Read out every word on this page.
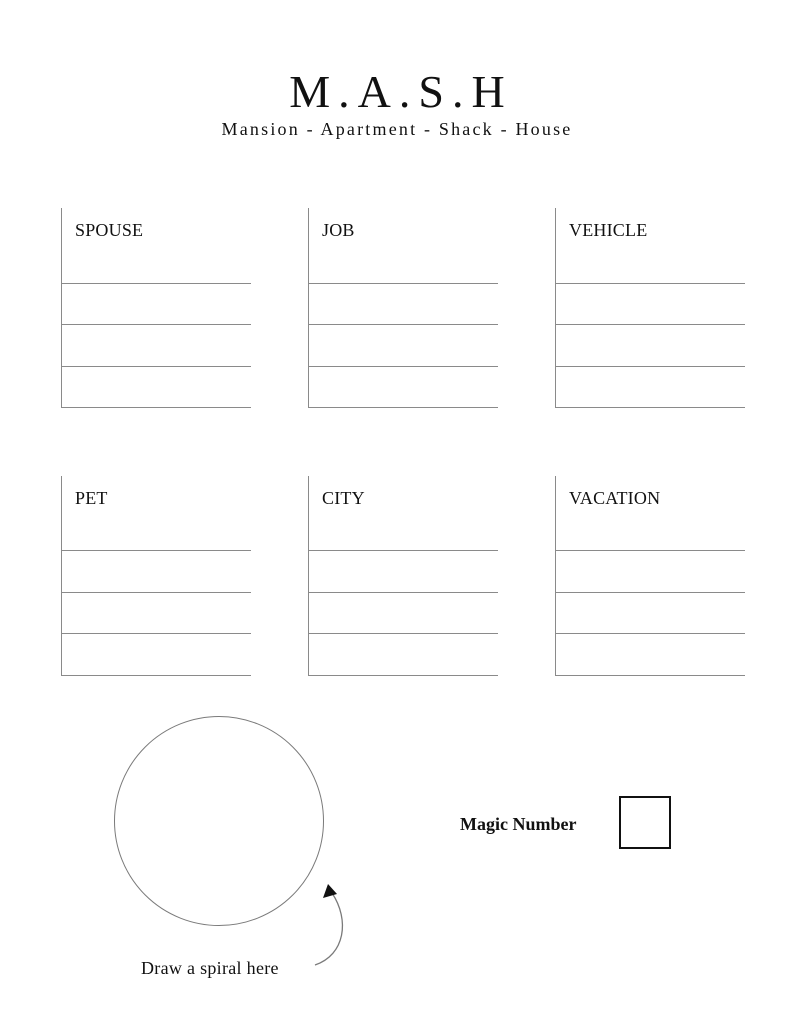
M.A.S.H
Mansion - Apartment - Shack - House
SPOUSE	JOB	VEHICLE
PET	CITY	VACATION
Draw a spiral here
Magic Number
